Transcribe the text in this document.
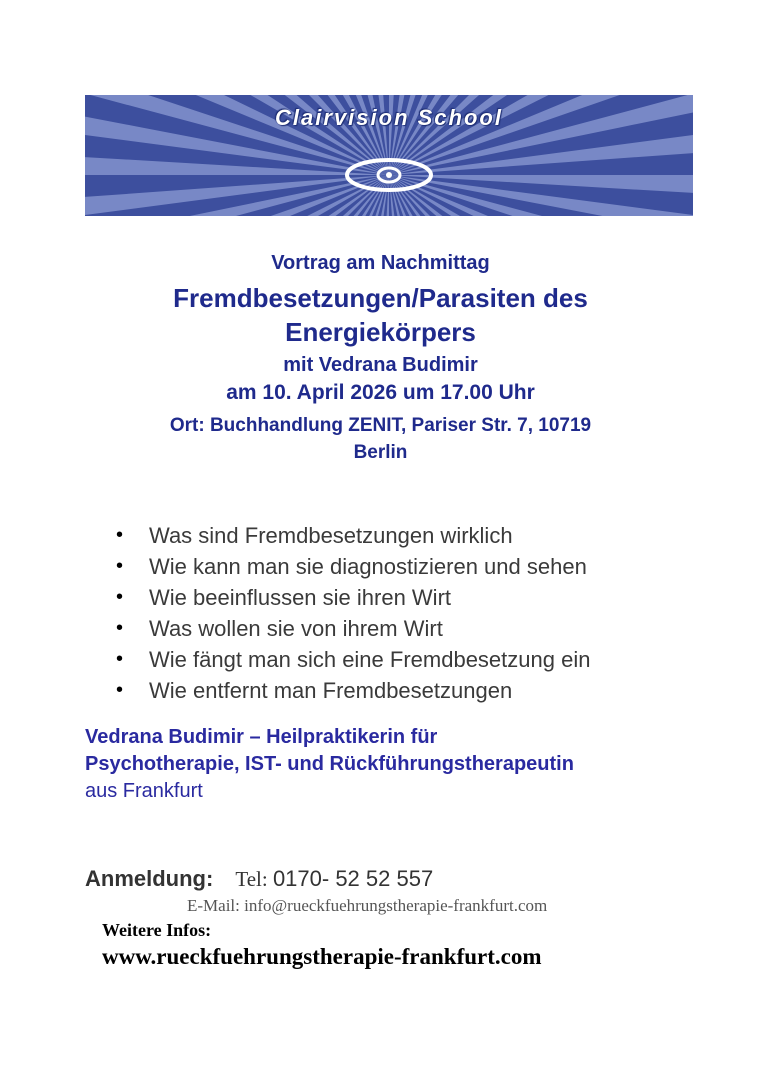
Clairvision School
Vortrag am Nachmittag
Fremdbesetzungen/Parasiten des
Energiekörpers
mit Vedrana Budimir
am 10. April 2026 um 17.00 Uhr
Ort: Buchhandlung ZENIT, Pariser Str. 7, 10719
Berlin
• Was sind Fremdbesetzungen wirklich
• Wie kann man sie diagnostizieren und sehen
• Wie beeinflussen sie ihren Wirt
• Was wollen sie von ihrem Wirt
• Wie fängt man sich eine Fremdbesetzung ein
• Wie entfernt man Fremdbesetzungen
Vedrana Budimir – Heilpraktikerin für
Psychotherapie, IST- und Rückführungstherapeutin
aus Frankfurt
Anmeldung: Tel: 0170- 52 52 557
E-Mail: info@rueckfuehrungstherapie-frankfurt.com
Weitere Infos:
www.rueckfuehrungstherapie-frankfurt.com
